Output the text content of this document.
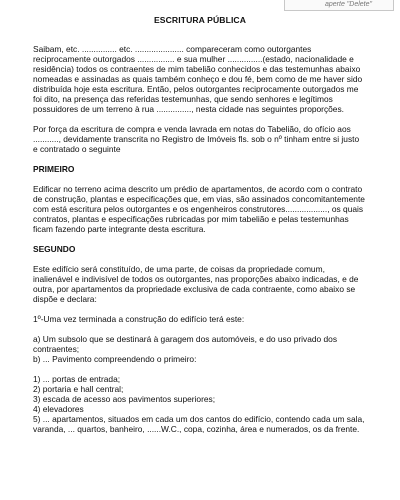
aperte "Delete"
ESCRITURA PÚBLICA

Saibam, etc. ............... etc. ..................... compareceram como outorgantes reciprocamente outorgados ................ e sua mulher ...............(estado, nacionalidade e residência) todos os contraentes de mim tabelião conhecidos e das testemunhas abaixo nomeadas e assinadas as quais também conheço e dou fé, bem como de me haver sido distribuída hoje esta escritura. Então, pelos outorgantes reciprocamente outorgados me foi dito, na presença das referidas testemunhas, que sendo senhores e legítimos possuidores de um terreno à rua ..............., nesta cidade nas seguintes proporções.

Por força da escritura de compra e venda lavrada em notas do Tabelião, do ofício aos ..........., devidamente transcrita no Registro de Imóveis fls. sob o nº tinham entre si justo e contratado o seguinte

PRIMEIRO

Edificar no terreno acima descrito um prédio de apartamentos, de acordo com o contrato de construção, plantas e especificações que, em vias, são assinados concomitantemente com está escritura pelos outorgantes e os engenheiros construtores.................., os quais contratos, plantas e especificações rubricadas por mim tabelião e pelas testemunhas ficam fazendo parte integrante desta escritura.

SEGUNDO

Este edifício será constituído, de uma parte, de coisas da propriedade comum, inalienável e indivisível de todos os outorgantes, nas proporções abaixo indicadas, e de outra, por apartamentos da propriedade exclusiva de cada contraente, como abaixo se dispõe e declara:

1º-Uma vez terminada a construção do edifício terá este:

a) Um subsolo que se destinará à garagem dos automóveis, e do uso privado dos contraentes;

b) ... Pavimento compreendendo o primeiro:

1) ... portas de entrada;

2) portaria e hall central;

3) escada de acesso aos pavimentos superiores;

4) elevadores

5) ... apartamentos, situados em cada um dos cantos do edifício, contendo cada um sala, varanda, ... quartos, banheiro, ......W.C., copa, cozinha, área e numerados, os da frente.
